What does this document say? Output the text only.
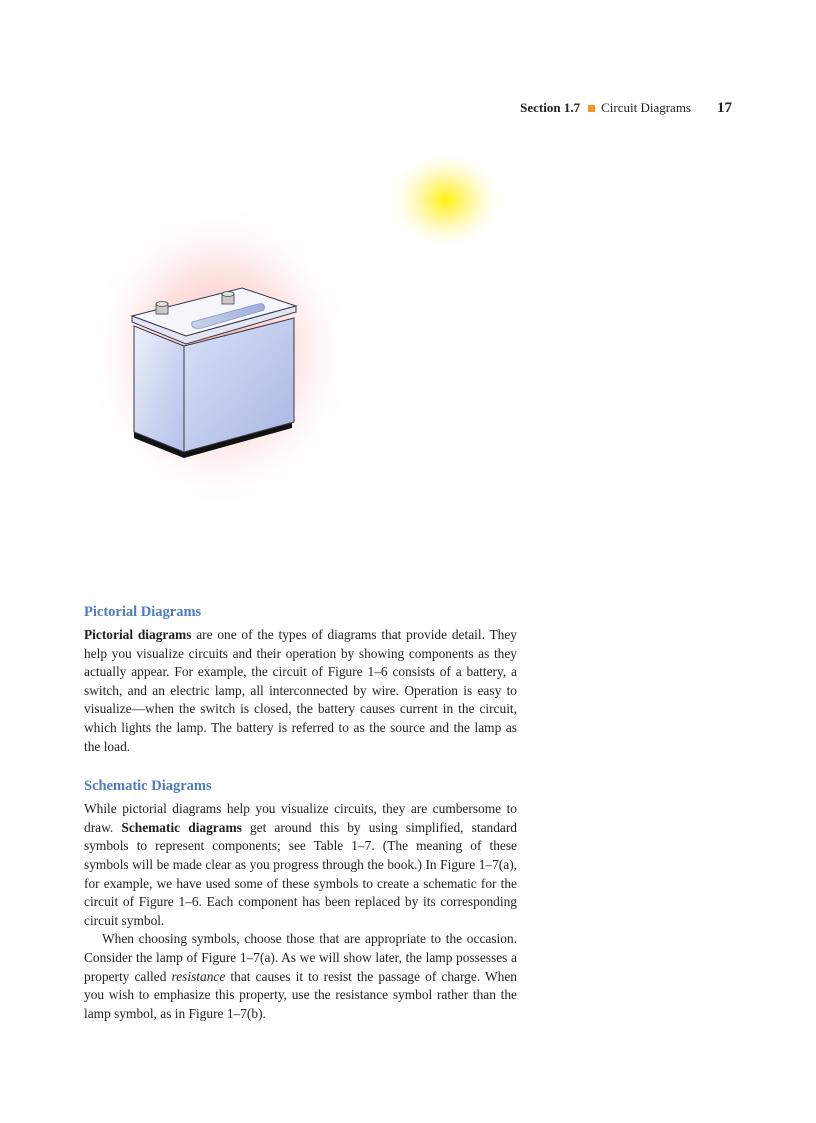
Section 1.7 Circuit Diagrams 17
Pictorial Diagrams

Pictorial diagrams are one of the types of diagrams that provide detail. They help you visualize circuits and their operation by showing components as they actually appear. For example, the circuit of Figure 1–6 consists of a battery, a switch, and an electric lamp, all interconnected by wire. Operation is easy to visualize—when the switch is closed, the battery causes current in the circuit, which lights the lamp. The battery is referred to as the source and the lamp as the load.

Schematic Diagrams

While pictorial diagrams help you visualize circuits, they are cumbersome to draw. Schematic diagrams get around this by using simplified, standard symbols to represent components; see Table 1–7. (The meaning of these symbols will be made clear as you progress through the book.) In Figure 1–7(a), for example, we have used some of these symbols to create a schematic for the circuit of Figure 1–6. Each component has been replaced by its corresponding circuit symbol.

When choosing symbols, choose those that are appropriate to the occasion. Consider the lamp of Figure 1–7(a). As we will show later, the lamp possesses a property called resistance that causes it to resist the passage of charge. When you wish to emphasize this property, use the resistance symbol rather than the lamp symbol, as in Figure 1–7(b).
